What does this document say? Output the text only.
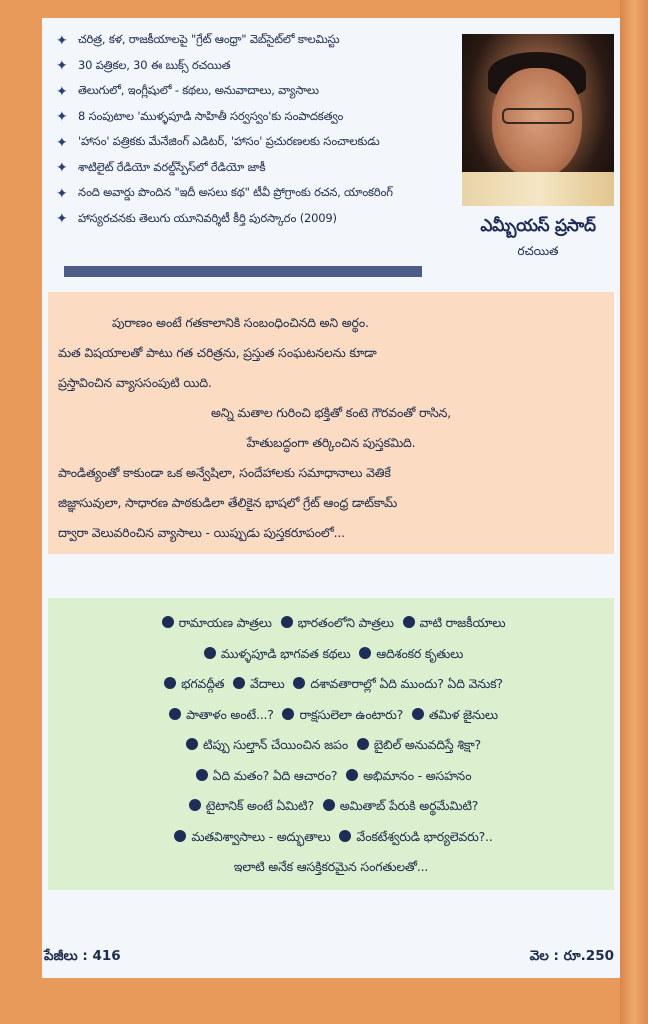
✦ చరిత్ర, కళ, రాజకీయాలపై "గ్రేట్ ఆంధ్రా" వెబ్‌సైట్‌లో కాలమిస్టు
✦ 30 పత్రికల, 30 ఈ బుక్స్ రచయిత
✦ తెలుగులో, ఇంగ్లీషులో - కథలు, అనువాదాలు, వ్యాసాలు
✦ 8 సంపుటాల 'ముళ్ళపూడి సాహితీ సర్వస్వం'కు సంపాదకత్వం
✦ 'హాసం' పత్రికకు మేనేజింగ్ ఎడిటర్, 'హాసం' ప్రచురణలకు సంచాలకుడు
✦ శాటిలైట్ రేడియో వరల్డ్‌స్పేస్‌లో రేడియో జాకీ
✦ నంది అవార్డు పొందిన "ఇదీ అసలు కథ" టీవీ ప్రోగ్రాంకు రచన, యాంకరింగ్
✦ హాస్యరచనకు తెలుగు యూనివర్శిటీ కీర్తి పురస్కారం (2009)	ఎమ్బీయస్ ప్రసాద్
రచయిత
పురాణం అంటే గతకాలానికి సంబంధించినది అని అర్థం.
మత విషయాలతో పాటు గత చరిత్రను, ప్రస్తుత సంఘటనలను కూడా
ప్రస్తావించిన వ్యాససంపుటి యిది.
అన్ని మతాల గురించి భక్తితో కంటె గౌరవంతో రాసిన,
హేతుబద్ధంగా తర్కించిన పుస్తకమిది.
పాండిత్యంతో కాకుండా ఒక అన్వేషిలా, సందేహాలకు సమాధానాలు వెతికే
జిజ్ఞాసువులా, సాధారణ పాఠకుడిలా తేలికైన భాషలో గ్రేట్ ఆంధ్ర డాట్‌కామ్
ద్వారా వెలువరించిన వ్యాసాలు - యిప్పుడు పుస్తకరూపంలో...
రామాయణ పాత్రలు భారతంలోని పాత్రలు వాటి రాజకీయాలు
ముళ్ళపూడి భాగవత కథలు ఆదిశంకర కృతులు
భగవద్గీత వేదాలు దశావతారాల్లో ఏది ముందు? ఏది వెనుక?
పాతాళం అంటే...? రాక్షసులెలా ఉంటారు? తమిళ జైనులు
టిప్పు సుల్తాన్ చేయించిన జపం బైబిల్ అనువదిస్తే శిక్షా?
ఏది మతం? ఏది ఆచారం? అభిమానం - అసహనం
టైటానిక్ అంటే ఏమిటి? అమితాబ్ పేరుకి అర్థమేమిటి?
మతవిశ్వాసాలు - అద్భుతాలు వేంకటేశ్వరుడి భార్యలెవరు?..
ఇలాటి అనేక ఆసక్తికరమైన సంగతులతో...
పేజీలు : 416	వెల : రూ.250
